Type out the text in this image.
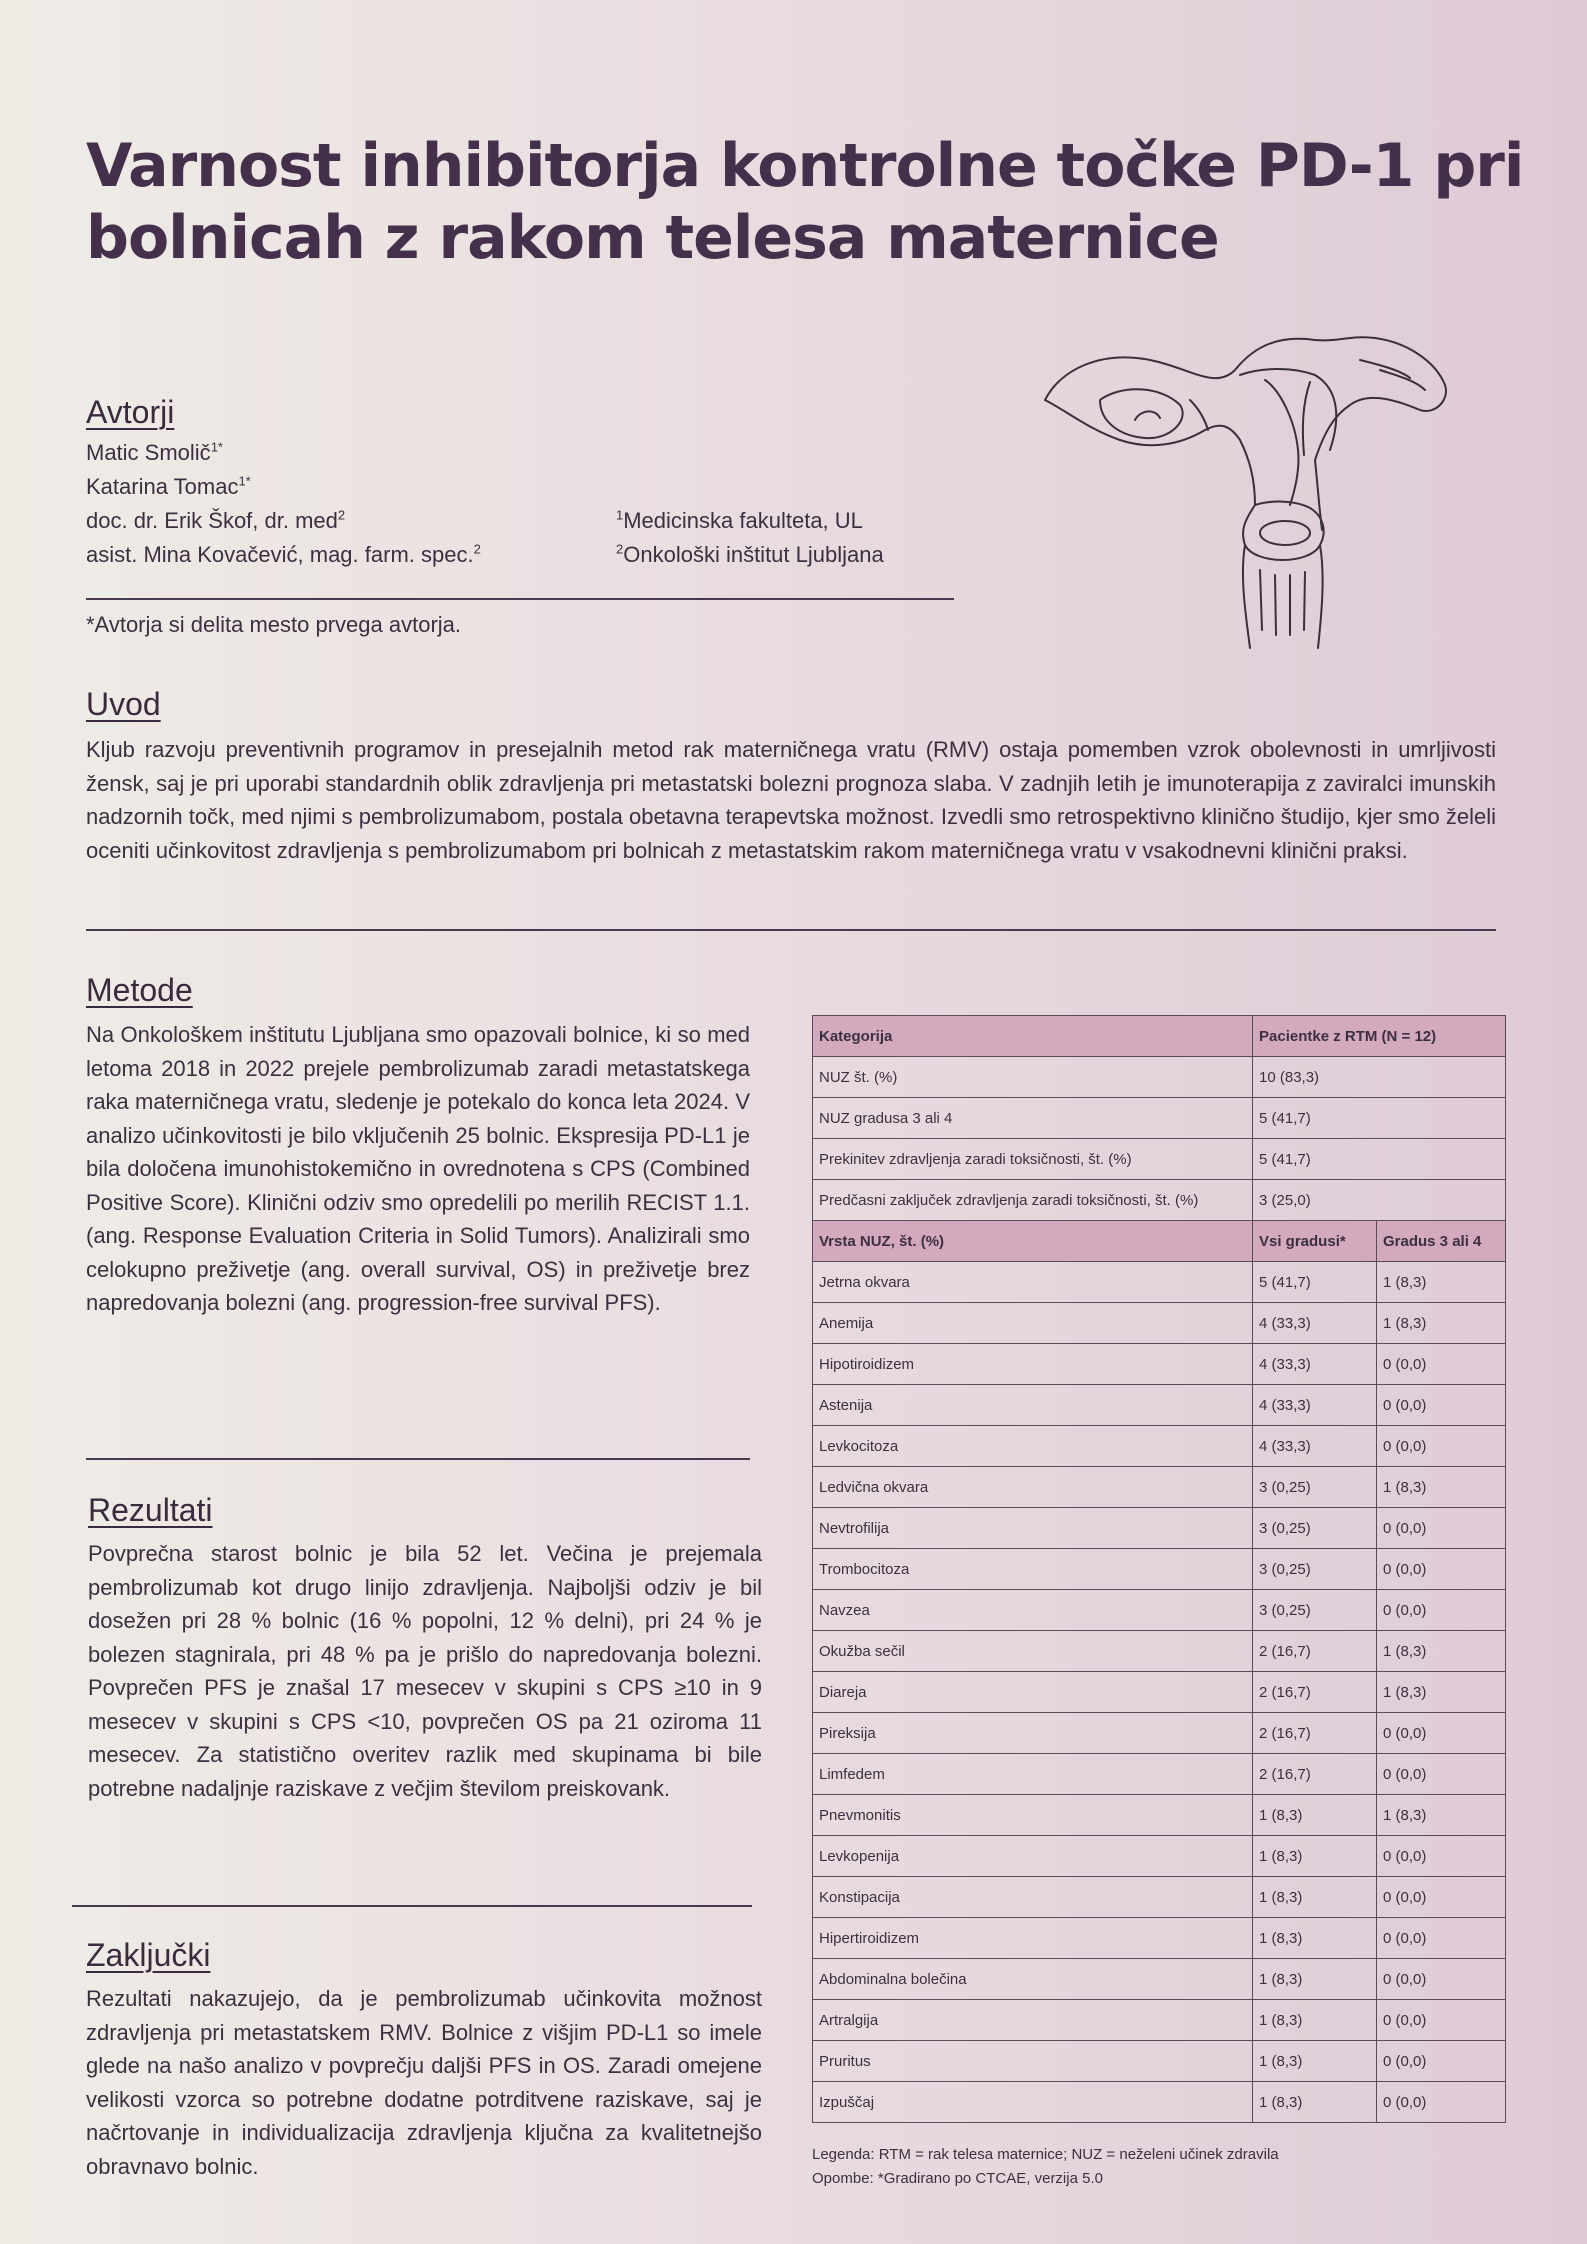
Varnost inhibitorja kontrolne točke PD-1 pri bolnicah z rakom telesa maternice
Avtorji
Matic Smolič$^{1*}$
Katarina Tomac$^{1*}$
doc. dr. Erik Škof, dr. med$^2$
asist. Mina Kovačević, mag. farm. spec.$^2$
$^1$Medicinska fakulteta, UL
$^2$Onkološki inštitut Ljubljana
*Avtorja si delita mesto prvega avtorja.
Uvod
Kljub razvoju preventivnih programov in presejalnih metod rak materničnega vratu (RMV) ostaja pomemben vzrok obolevnosti in umrljivosti žensk, saj je pri uporabi standardnih oblik zdravljenja pri metastatski bolezni prognoza slaba. V zadnjih letih je imunoterapija z zaviralci imunskih nadzornih točk, med njimi s pembrolizumabom, postala obetavna terapevtska možnost. Izvedli smo retrospektivno klinično študijo, kjer smo želeli oceniti učinkovitost zdravljenja s pembrolizumabom pri bolnicah z metastatskim rakom materničnega vratu v vsakodnevni klinični praksi.
Metode
Na Onkološkem inštitutu Ljubljana smo opazovali bolnice, ki so med letoma 2018 in 2022 prejele pembrolizumab zaradi metastatskega raka materničnega vratu, sledenje je potekalo do konca leta 2024. V analizo učinkovitosti je bilo vključenih 25 bolnic. Ekspresija PD-L1 je bila določena imunohistokemično in ovrednotena s CPS (Combined Positive Score). Klinični odziv smo opredelili po merilih RECIST 1.1. (ang. Response Evaluation Criteria in Solid Tumors). Analizirali smo celokupno preživetje (ang. overall survival, OS) in preživetje brez napredovanja bolezni (ang. progression-free survival PFS).
Rezultati
Povprečna starost bolnic je bila 52 let. Večina je prejemala pembrolizumab kot drugo linijo zdravljenja. Najboljši odziv je bil dosežen pri 28 % bolnic (16 % popolni, 12 % delni), pri 24 % je bolezen stagnirala, pri 48 % pa je prišlo do napredovanja bolezni. Povprečen PFS je znašal 17 mesecev v skupini s CPS ≥10 in 9 mesecev v skupini s CPS <10, povprečen OS pa 21 oziroma 11 mesecev. Za statistično overitev razlik med skupinama bi bile potrebne nadaljnje raziskave z večjim številom preiskovank.
Zaključki
Rezultati nakazujejo, da je pembrolizumab učinkovita možnost zdravljenja pri metastatskem RMV. Bolnice z višjim PD-L1 so imele glede na našo analizo v povprečju daljši PFS in OS. Zaradi omejene velikosti vzorca so potrebne dodatne potrditvene raziskave, saj je načrtovanje in individualizacija zdravljenja ključna za kvalitetnejšo obravnavo bolnic.
Kategorija	Pacientke z RTM (N = 12)	
NUZ št. (%)	10 (83,3)	
NUZ gradusa 3 ali 4	5 (41,7)	
Prekinitev zdravljenja zaradi toksičnosti, št. (%)	5 (41,7)	
Predčasni zaključek zdravljenja zaradi toksičnosti, št. (%)	3 (25,0)	
Vrsta NUZ, št. (%)	Vsi gradusi*	Gradus 3 ali 4
Jetrna okvara	5 (41,7)	1 (8,3)
Anemija	4 (33,3)	1 (8,3)
Hipotiroidizem	4 (33,3)	0 (0,0)
Astenija	4 (33,3)	0 (0,0)
Levkocitoza	4 (33,3)	0 (0,0)
Ledvična okvara	3 (0,25)	1 (8,3)
Nevtrofilija	3 (0,25)	0 (0,0)
Trombocitoza	3 (0,25)	0 (0,0)
Navzea	3 (0,25)	0 (0,0)
Okužba sečil	2 (16,7)	1 (8,3)
Diareja	2 (16,7)	1 (8,3)
Pireksija	2 (16,7)	0 (0,0)
Limfedem	2 (16,7)	0 (0,0)
Pnevmonitis	1 (8,3)	1 (8,3)
Levkopenija	1 (8,3)	0 (0,0)
Konstipacija	1 (8,3)	0 (0,0)
Hipertiroidizem	1 (8,3)	0 (0,0)
Abdominalna bolečina	1 (8,3)	0 (0,0)
Artralgija	1 (8,3)	0 (0,0)
Pruritus	1 (8,3)	0 (0,0)
Izpuščaj	1 (8,3)	0 (0,0)
Legenda: RTM = rak telesa maternice; NUZ = neželeni učinek zdravila
Opombe: *Gradirano po CTCAE, verzija 5.0
